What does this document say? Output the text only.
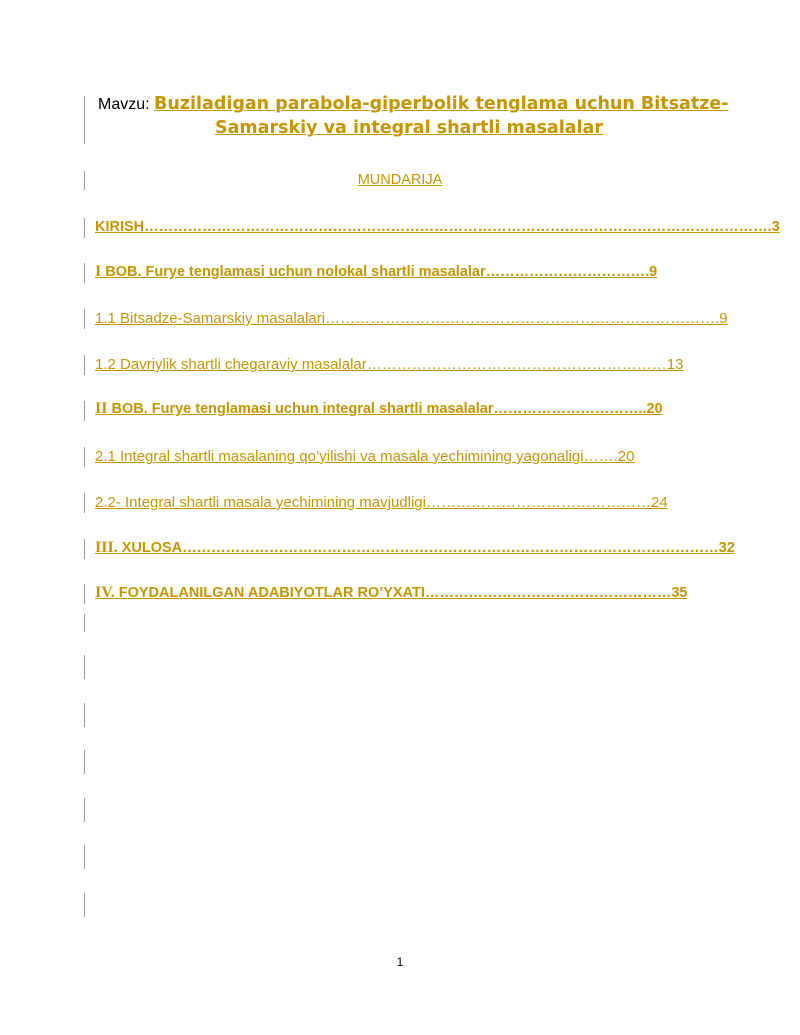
Mavzu: Buziladigan parabola-giperbolik tenglama uchun Bitsatze-
Samarskiy va integral shartli masalalar
MUNDARIJA
KIRISH………………………………………………………………………………………………………………….3
I BOB. Furye tenglamasi uchun nolokal shartli masalalar…………………………….9
1.1 Bitsadze-Samarskiy masalalari…………………………………………………………………….9
1.2 Davriylik shartli chegaraviy masalalar……………………………………………………13
II BOB. Furye tenglamasi uchun integral shartli masalalar…………………………..20
2.1 Integral shartli masalaning qo’yilishi va masala yechimining yagonaligi…….20
2.2- Integral shartli masala yechimining mavjudligi………………………………………24
III. XULOSA…………………………………………………………………………………………………32
IV. FOYDALANILGAN ADABIYOTLAR RO’YXATI……………………………………………35
1
